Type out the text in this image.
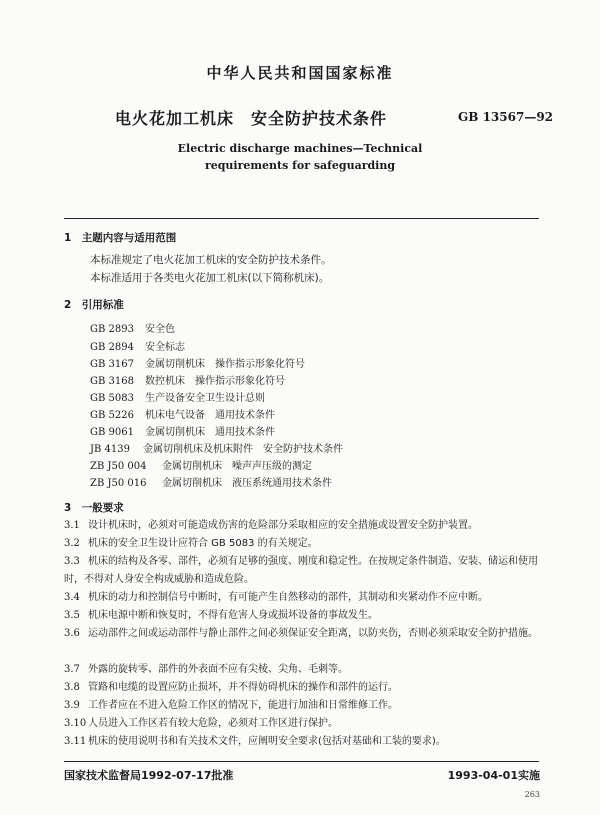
中华人民共和国国家标准
电火花加工机床　安全防护技术条件	GB 13567—92
Electric discharge machines—Technical
requirements for safeguarding
1　主题内容与适用范围
本标准规定了电火花加工机床的安全防护技术条件。
本标准适用于各类电火花加工机床(以下简称机床)。
2　引用标准
GB 2893 安全色
GB 2894 安全标志
GB 3167 金属切削机床　操作指示形象化符号
GB 3168 数控机床　操作指示形象化符号
GB 5083 生产设备安全卫生设计总则
GB 5226 机床电气设备　通用技术条件
GB 9061 金属切削机床　通用技术条件
JB 4139 金属切削机床及机床附件　安全防护技术条件
ZB J50 004 金属切削机床　噪声声压级的测定
ZB J50 016 金属切削机床　液压系统通用技术条件
3　一般要求
3.1 设计机床时，必须对可能造成伤害的危险部分采取相应的安全措施或设置安全防护装置。
3.2 机床的安全卫生设计应符合 GB 5083 的有关规定。
3.3 机床的结构及各零、部件，必须有足够的强度、刚度和稳定性。在按规定条件制造、安装、储运和使用时，不得对人身安全构成威胁和造成危险。
3.4 机床的动力和控制信号中断时，有可能产生自然移动的部件，其制动和夹紧动作不应中断。
3.5 机床电源中断和恢复时，不得有危害人身或损坏设备的事故发生。
3.6 运动部件之间或运动部件与静止部件之间必须保证安全距离，以防夹伤，否则必须采取安全防护措施。
3.7 外露的旋转零、部件的外表面不应有尖棱、尖角、毛刺等。
3.8 管路和电缆的设置应防止损坏，并不得妨碍机床的操作和部件的运行。
3.9 工作者应在不进入危险工作区的情况下，能进行加油和日常维修工作。
3.10 人员进入工作区若有较大危险，必须对工作区进行保护。
3.11 机床的使用说明书和有关技术文件，应阐明安全要求(包括对基础和工装的要求)。
国家技术监督局1992-07-17批准	1993-04-01实施
263
